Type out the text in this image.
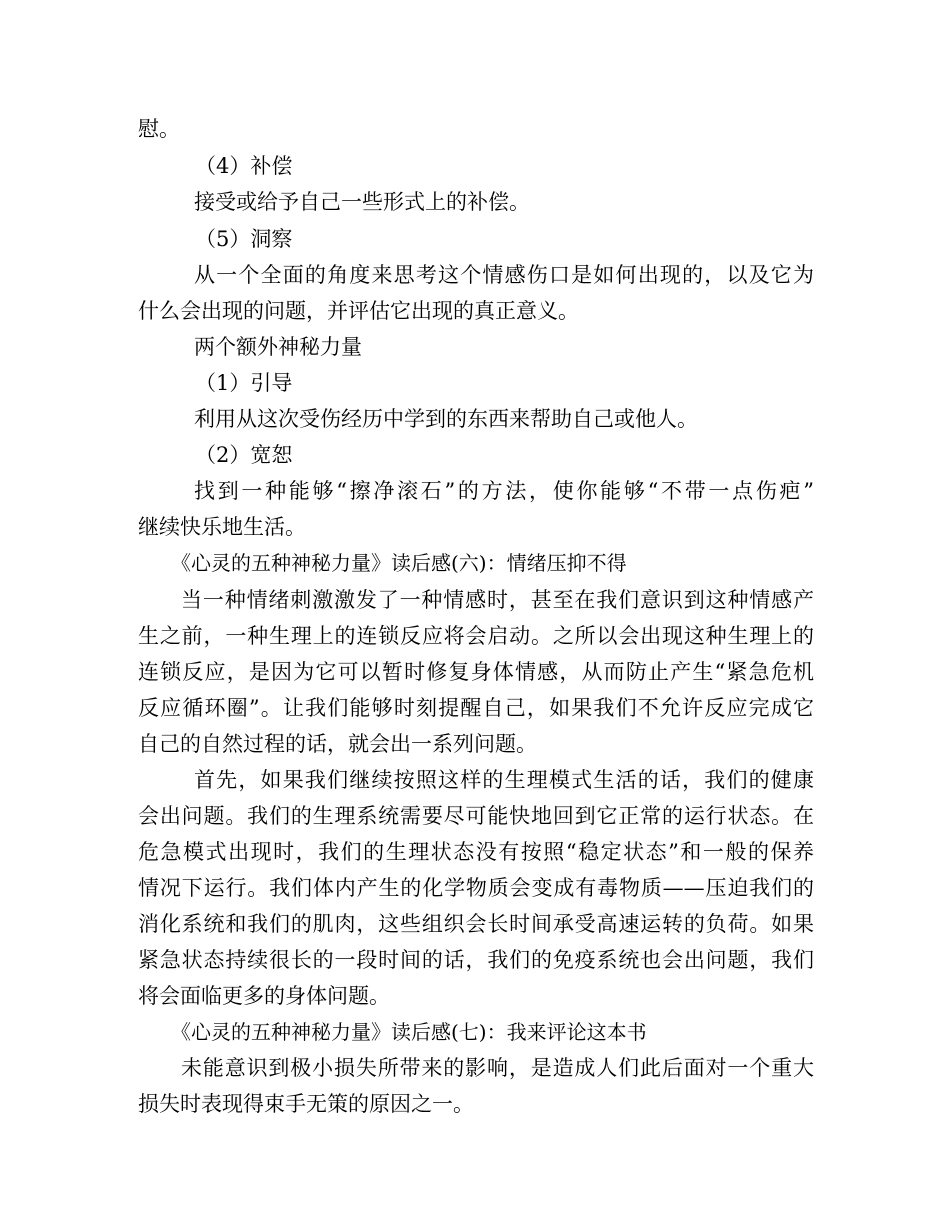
慰。
（4）补偿
接受或给予自己一些形式上的补偿。
（5）洞察
从一个全面的角度来思考这个情感伤口是如何出现的，以及它为
什么会出现的问题，并评估它出现的真正意义。
两个额外神秘力量
（1）引导
利用从这次受伤经历中学到的东西来帮助自己或他人。
（2）宽恕
找到一种能够“擦净滚石”的方法，使你能够“不带一点伤疤”
继续快乐地生活。
《心灵的五种神秘力量》读后感(六)：情绪压抑不得
当一种情绪刺激激发了一种情感时，甚至在我们意识到这种情感产
生之前，一种生理上的连锁反应将会启动。之所以会出现这种生理上的
连锁反应，是因为它可以暂时修复身体情感，从而防止产生“紧急危机
反应循环圈”。让我们能够时刻提醒自己，如果我们不允许反应完成它
自己的自然过程的话，就会出一系列问题。
首先，如果我们继续按照这样的生理模式生活的话，我们的健康
会出问题。我们的生理系统需要尽可能快地回到它正常的运行状态。在
危急模式出现时，我们的生理状态没有按照“稳定状态”和一般的保养
情况下运行。我们体内产生的化学物质会变成有毒物质——压迫我们的
消化系统和我们的肌肉，这些组织会长时间承受高速运转的负荷。如果
紧急状态持续很长的一段时间的话，我们的免疫系统也会出问题，我们
将会面临更多的身体问题。
《心灵的五种神秘力量》读后感(七)：我来评论这本书
未能意识到极小损失所带来的影响，是造成人们此后面对一个重大
损失时表现得束手无策的原因之一。
